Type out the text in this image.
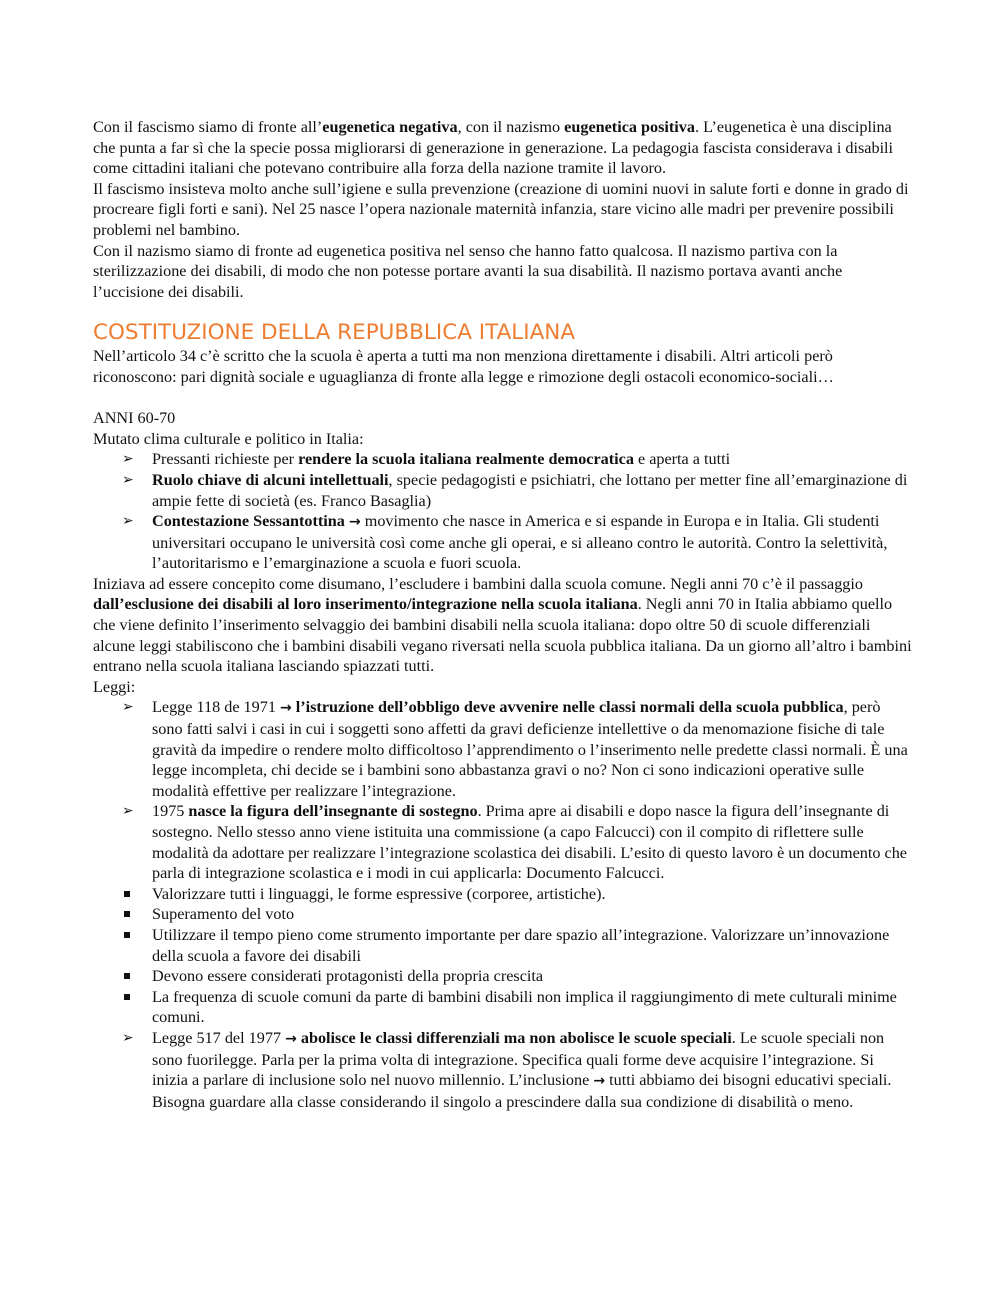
Con il fascismo siamo di fronte all’eugenetica negativa, con il nazismo eugenetica positiva. L’eugenetica è una disciplina che punta a far sì che la specie possa migliorarsi di generazione in generazione. La pedagogia fascista considerava i disabili come cittadini italiani che potevano contribuire alla forza della nazione tramite il lavoro.

Il fascismo insisteva molto anche sull’igiene e sulla prevenzione (creazione di uomini nuovi in salute forti e donne in grado di procreare figli forti e sani). Nel 25 nasce l’opera nazionale maternità infanzia, stare vicino alle madri per prevenire possibili problemi nel bambino.

Con il nazismo siamo di fronte ad eugenetica positiva nel senso che hanno fatto qualcosa. Il nazismo partiva con la sterilizzazione dei disabili, di modo che non potesse portare avanti la sua disabilità. Il nazismo portava avanti anche l’uccisione dei disabili.

COSTITUZIONE DELLA REPUBBLICA ITALIANA

Nell’articolo 34 c’è scritto che la scuola è aperta a tutti ma non menziona direttamente i disabili. Altri articoli però riconoscono: pari dignità sociale e uguaglianza di fronte alla legge e rimozione degli ostacoli economico-sociali…

ANNI 60-70

Mutato clima culturale e politico in Italia:

➢	Pressanti richieste per rendere la scuola italiana realmente democratica e aperta a tutti
➢	Ruolo chiave di alcuni intellettuali, specie pedagogisti e psichiatri, che lottano per metter fine all’emarginazione di ampie fette di società (es. Franco Basaglia)
➢	Contestazione Sessantottina → movimento che nasce in America e si espande in Europa e in Italia. Gli studenti universitari occupano le università così come anche gli operai, e si alleano contro le autorità. Contro la selettività, l’autoritarismo e l’emarginazione a scuola e fuori scuola.

Iniziava ad essere concepito come disumano, l’escludere i bambini dalla scuola comune. Negli anni 70 c’è il passaggio dall’esclusione dei disabili al loro inserimento/integrazione nella scuola italiana. Negli anni 70 in Italia abbiamo quello che viene definito l’inserimento selvaggio dei bambini disabili nella scuola italiana: dopo oltre 50 di scuole differenziali alcune leggi stabiliscono che i bambini disabili vegano riversati nella scuola pubblica italiana. Da un giorno all’altro i bambini entrano nella scuola italiana lasciando spiazzati tutti.

Leggi:

➢	Legge 118 de 1971 → l’istruzione dell’obbligo deve avvenire nelle classi normali della scuola pubblica, però sono fatti salvi i casi in cui i soggetti sono affetti da gravi deficienze intellettive o da menomazione fisiche di tale gravità da impedire o rendere molto difficoltoso l’apprendimento o l’inserimento nelle predette classi normali. È una legge incompleta, chi decide se i bambini sono abbastanza gravi o no? Non ci sono indicazioni operative sulle modalità effettive per realizzare l’integrazione.
➢	1975 nasce la figura dell’insegnante di sostegno. Prima apre ai disabili e dopo nasce la figura dell’insegnante di sostegno. Nello stesso anno viene istituita una commissione (a capo Falcucci) con il compito di riflettere sulle modalità da adottare per realizzare l’integrazione scolastica dei disabili. L’esito di questo lavoro è un documento che parla di integrazione scolastica e i modi in cui applicarla: Documento Falcucci.
Valorizzare tutti i linguaggi, le forme espressive (corporee, artistiche).
Superamento del voto
Utilizzare il tempo pieno come strumento importante per dare spazio all’integrazione. Valorizzare un’innovazione della scuola a favore dei disabili
Devono essere considerati protagonisti della propria crescita
La frequenza di scuole comuni da parte di bambini disabili non implica il raggiungimento di mete culturali minime comuni.
➢	Legge 517 del 1977 → abolisce le classi differenziali ma non abolisce le scuole speciali. Le scuole speciali non sono fuorilegge. Parla per la prima volta di integrazione. Specifica quali forme deve acquisire l’integrazione. Si inizia a parlare di inclusione solo nel nuovo millennio. L’inclusione → tutti abbiamo dei bisogni educativi speciali. Bisogna guardare alla classe considerando il singolo a prescindere dalla sua condizione di disabilità o meno.
